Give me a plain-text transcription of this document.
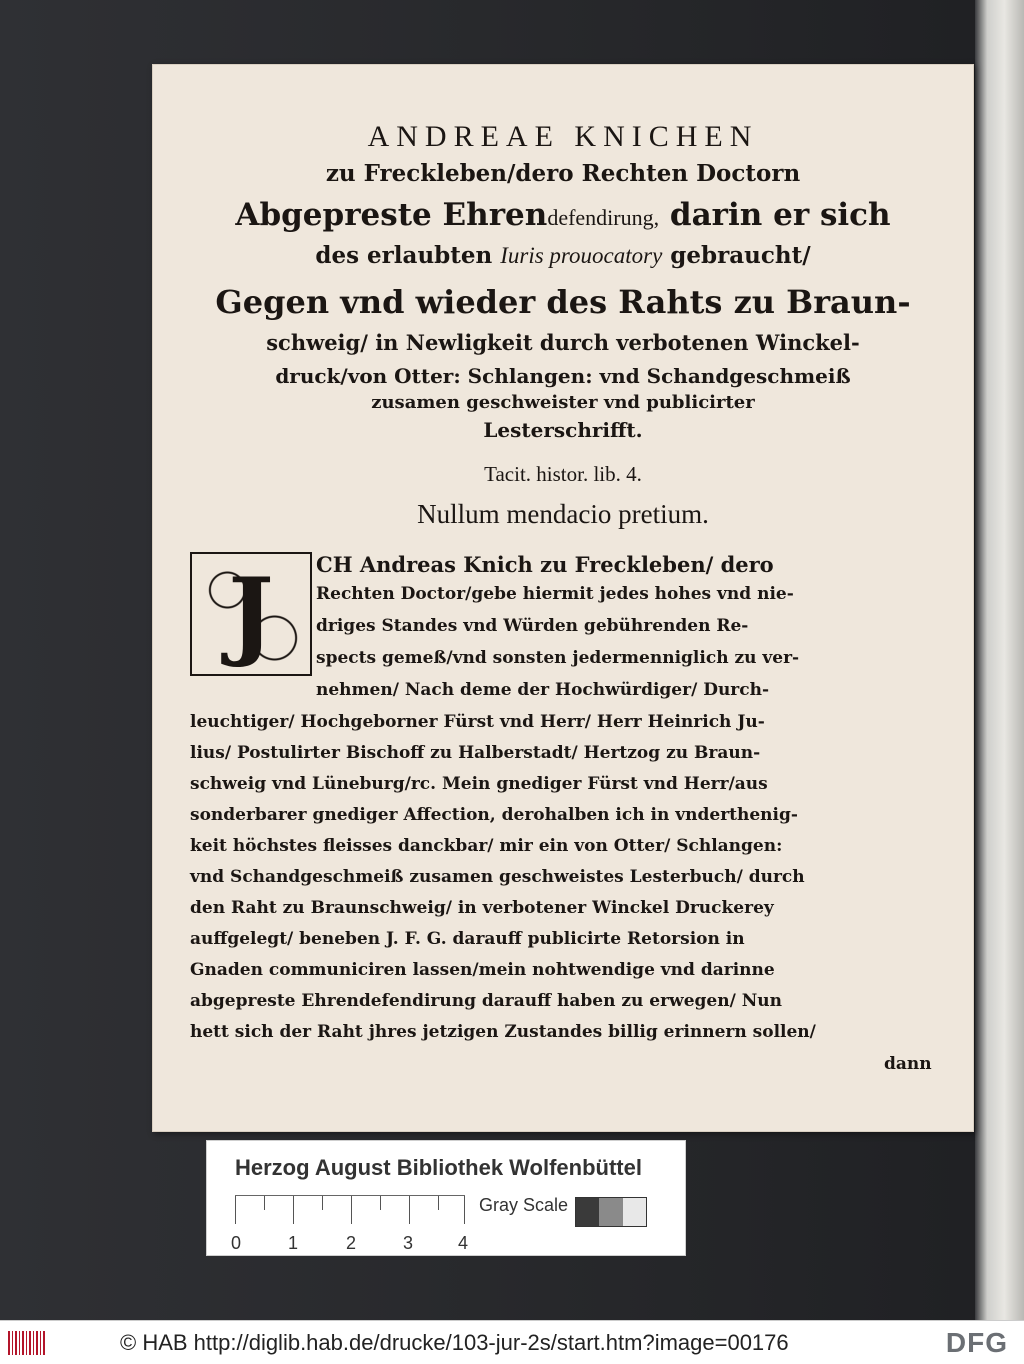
ANDREAE KNICHEN
zu Freckleben/dero Rechten Doctorn
Abgepreste Ehrendefendirung, darin er sich
des erlaubten Iuris prouocatory gebraucht/
Gegen vnd wieder des Rahts zu Braun-
schweig/ in Newligkeit durch verbotenen Winckel-
druck/von Otter: Schlangen: vnd Schandgeschmeiß
zusamen geschweister vnd publicirter
Lesterschrifft.
Tacit. histor. lib. 4.
Nullum mendacio pretium.
J	CH Andreas Knich zu Freckleben/ dero
Rechten Doctor/gebe hiermit jedes hohes vnd nie-
driges Standes vnd Würden gebührenden Re-
spects gemeß/vnd sonsten jedermenniglich zu ver-
nehmen/ Nach deme der Hochwürdiger/ Durch-
leuchtiger/ Hochgeborner Fürst vnd Herr/ Herr Heinrich Ju-
lius/ Postulirter Bischoff zu Halberstadt/ Hertzog zu Braun-
schweig vnd Lüneburg/rc. Mein gnediger Fürst vnd Herr/aus
sonderbarer gnediger Affection, derohalben ich in vnderthenig-
keit höchstes fleisses danckbar/ mir ein von Otter/ Schlangen:
vnd Schandgeschmeiß zusamen geschweistes Lesterbuch/ durch
den Raht zu Braunschweig/ in verbotener Winckel Druckerey
auffgelegt/ beneben J. F. G. darauff publicirte Retorsion in
Gnaden communiciren lassen/mein nohtwendige vnd darinne
abgepreste Ehrendefendirung darauff haben zu erwegen/ Nun
hett sich der Raht jhres jetzigen Zustandes billig erinnern sollen/
dann
Herzog August Bibliothek Wolfenbüttel
0	1	2	3 4
Gray Scale
© HAB http://diglib.hab.de/drucke/103-jur-2s/start.htm?image=00176	DFG
